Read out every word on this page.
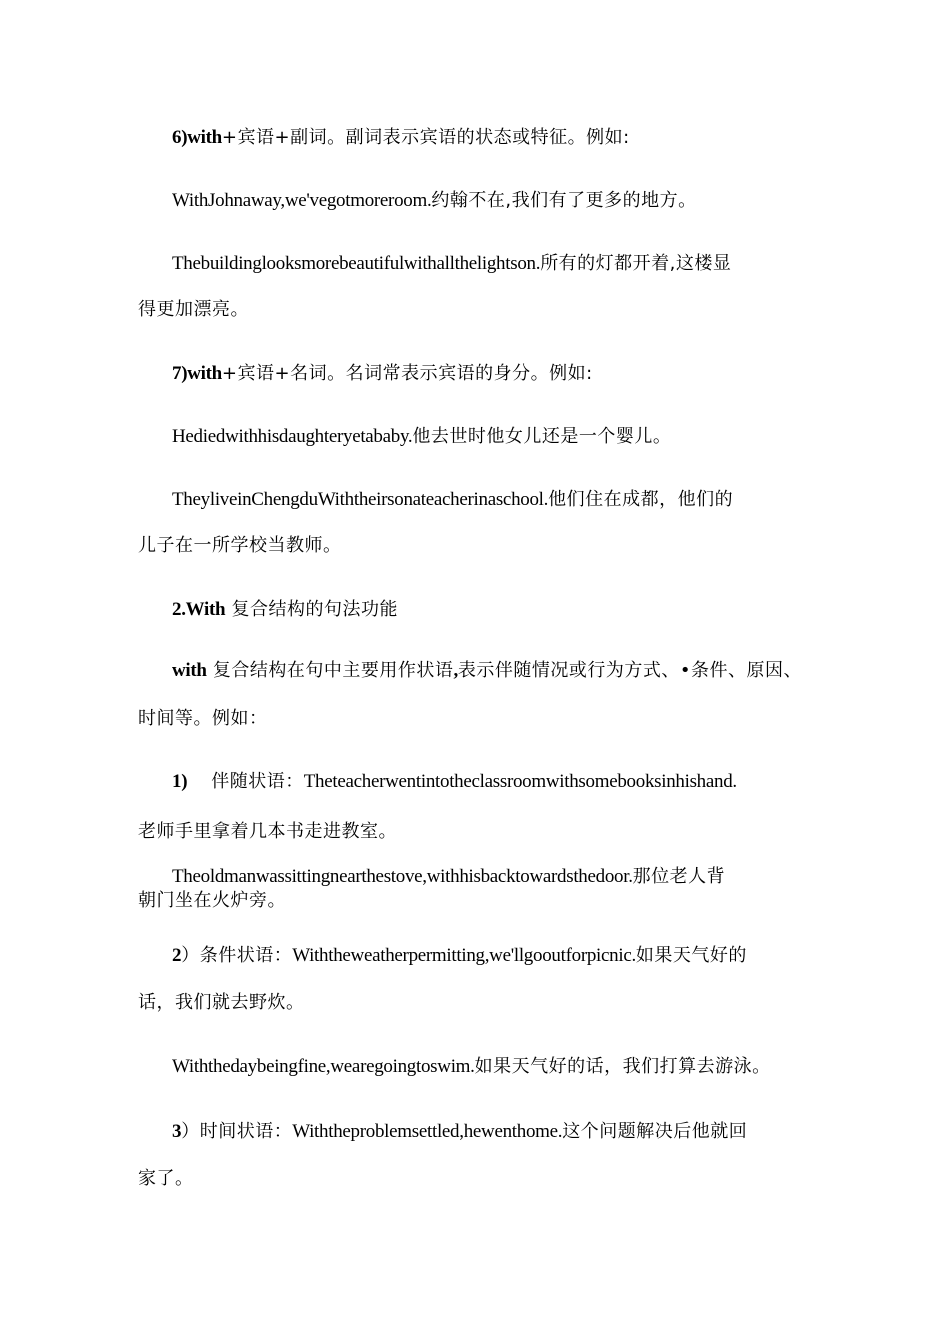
6)with+宾语+副词。副词表示宾语的状态或特征。例如:
WithJohnaway,we'vegotmoreroom.约翰不在,我们有了更多的地方。
Thebuildinglooksmorebeautifulwithallthelightson.所有的灯都开着,这楼显
得更加漂亮。
7)with+宾语+名词。名词常表示宾语的身分。例如:
Hediedwithhisdaughteryetababy.他去世时他女儿还是一个婴儿。
TheyliveinChengduWiththeirsonateacherinaschool.他们住在成都，他们的
儿子在一所学校当教师。
2.With 复合结构的句法功能
with 复合结构在句中主要用作状语,表示伴随情况或行为方式、•条件、原因、
时间等。例如：
1) 伴随状语：Theteacherwentintotheclassroomwithsomebooksinhishand.
老师手里拿着几本书走进教室。
Theoldmanwassittingnearthestove,withhisbacktowardsthedoor.那位老人背
朝门坐在火炉旁。
2）条件状语：Withtheweatherpermitting,we'llgooutforpicnic.如果天气好的
话，我们就去野炊。
Withthedaybeingfine,wearegoingtoswim.如果天气好的话，我们打算去游泳。
3）时间状语：Withtheproblemsettled,hewenthome.这个问题解决后他就回
家了。
